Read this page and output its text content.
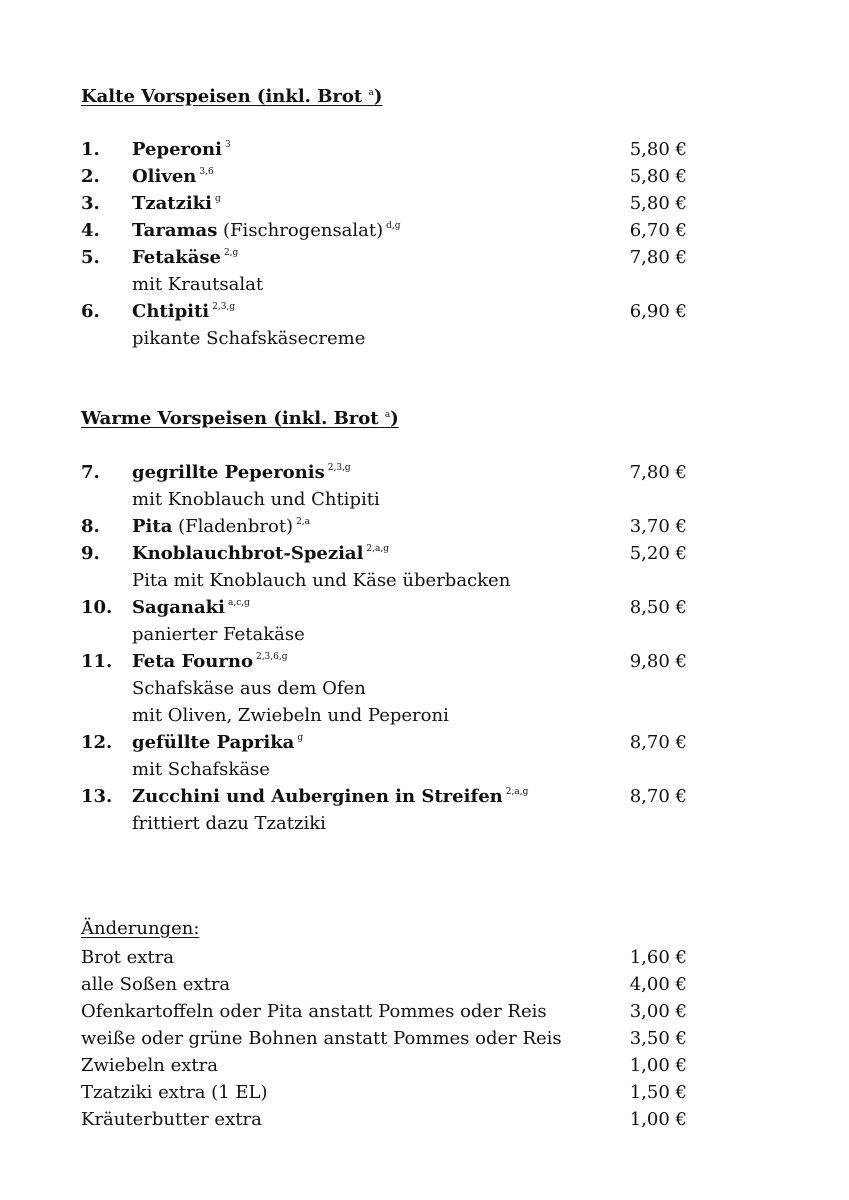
Kalte Vorspeisen (inkl. Brot $^a$)
1. Peperoni $^3$	5,80 €
2. Oliven $^{3,6}$	5,80 €
3. Tzatziki $^g$	5,80 €
4. Taramas (Fischrogensalat) $^{d,g}$	6,70 €
5. Fetakäse $^{2,g}$	7,80 €
mit Krautsalat
6. Chtipiti $^{2,3,g}$	6,90 €
pikante Schafskäsecreme
Warme Vorspeisen (inkl. Brot $^a$)
7. gegrillte Peperonis $^{2,3,g}$	7,80 €
mit Knoblauch und Chtipiti
8. Pita (Fladenbrot) $^{2,a}$	3,70 €
9. Knoblauchbrot-Spezial $^{2,a,g}$	5,20 €
Pita mit Knoblauch und Käse überbacken
10. Saganaki $^{a,c,g}$	8,50 €
panierter Fetakäse
11. Feta Fourno $^{2,3,6,g}$	9,80 €
Schafskäse aus dem Ofen
mit Oliven, Zwiebeln und Peperoni
12. gefüllte Paprika $^g$	8,70 €
mit Schafskäse
13. Zucchini und Auberginen in Streifen $^{2,a,g}$	8,70 €
frittiert dazu Tzatziki
Änderungen:
Brot extra	1,60 €
alle Soßen extra	4,00 €
Ofenkartoffeln oder Pita anstatt Pommes oder Reis	3,00 €
weiße oder grüne Bohnen anstatt Pommes oder Reis	3,50 €
Zwiebeln extra	1,00 €
Tzatziki extra (1 EL)	1,50 €
Kräuterbutter extra	1,00 €
